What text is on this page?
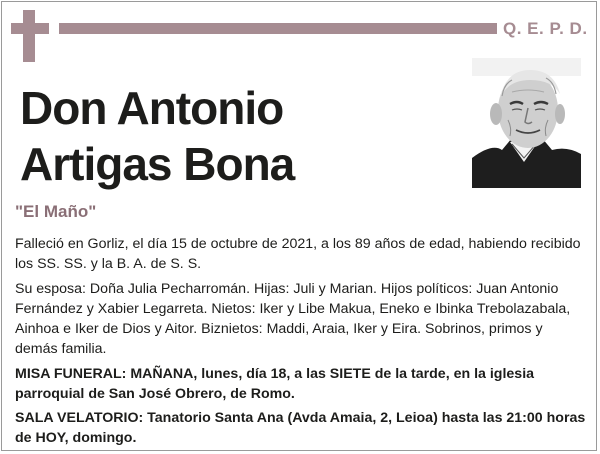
Q. E. P. D.
Don Antonio
Artigas Bona
"El Maño"

Falleció en Gorliz, el día 15 de octubre de 2021, a los 89 años de edad, habiendo recibido los SS. SS. y la B. A. de S. S.

Su esposa: Doña Julia Pecharromán. Hijas: Juli y Marian. Hijos políticos: Juan Antonio Fernández y Xabier Legarreta. Nietos: Iker y Libe Makua, Eneko e Ibinka Trebolazabala, Ainhoa e Iker de Dios y Aitor. Biznietos: Maddi, Araia, Iker y Eira. Sobrinos, primos y demás familia.

MISA FUNERAL: MAÑANA, lunes, día 18, a las SIETE de la tarde, en la iglesia parroquial de San José Obrero, de Romo.

SALA VELATORIO: Tanatorio Santa Ana (Avda Amaia, 2, Leioa) hasta las 21:00 horas de HOY, domingo.
